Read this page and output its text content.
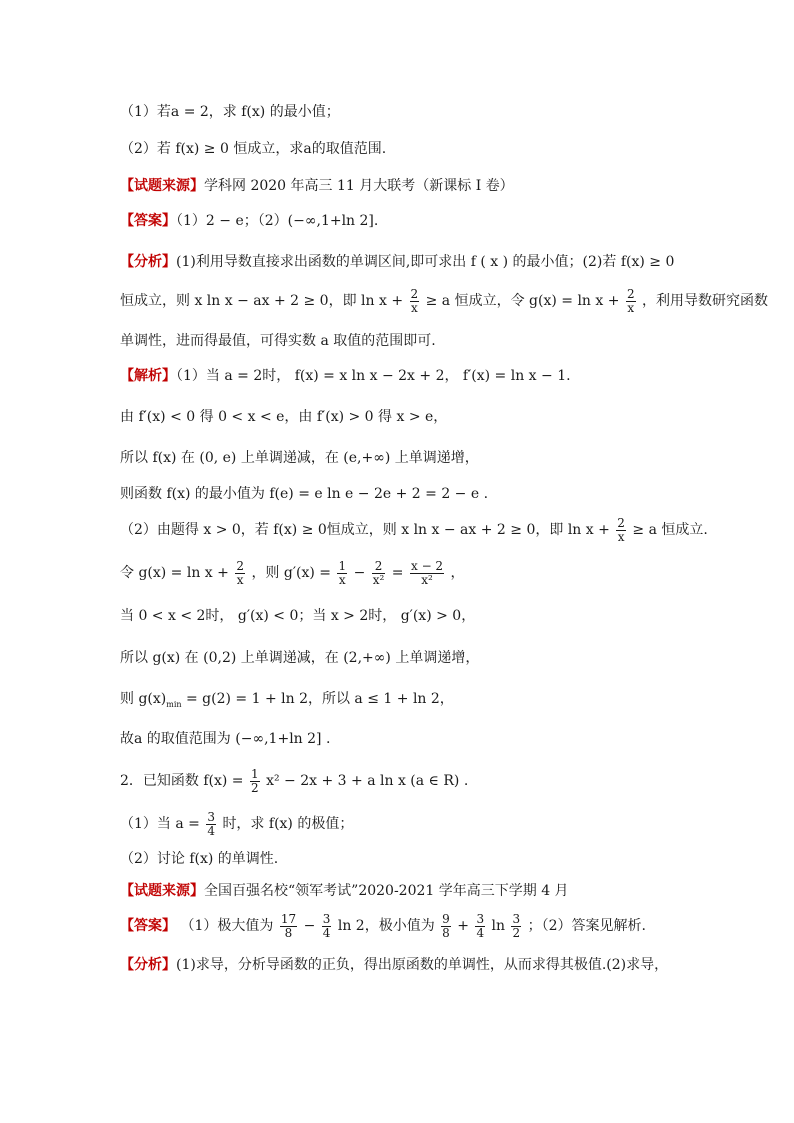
（1）若a = 2，求 f(x) 的最小值；
（2）若 f(x) ≥ 0 恒成立，求a的取值范围.
【试题来源】学科网 2020 年高三 11 月大联考（新课标 I 卷）
【答案】（1）2 − e；（2）(−∞,1+ln 2].
【分析】(1)利用导数直接求出函数的单调区间,即可求出 f ( x ) 的最小值；(2)若 f(x) ≥ 0
恒成立，则 x ln x − ax + 2 ≥ 0，即 $\ln x + \frac{2}{x} \ge a$ 恒成立，令 $g(x) = \ln x + \frac{2}{x}$ ，利用导数研究函数
单调性，进而得最值，可得实数 a 取值的范围即可.
【解析】（1）当 a = 2时， f(x) = x ln x − 2x + 2， f′(x) = ln x − 1.
由 f′(x) < 0 得 0 < x < e，由 f′(x) > 0 得 x > e，
所以 f(x) 在 (0, e) 上单调递减，在 (e,+∞) 上单调递增，
则函数 f(x) 的最小值为 f(e) = e ln e − 2e + 2 = 2 − e .
（2）由题得 x > 0，若 f(x) ≥ 0恒成立，则 x ln x − ax + 2 ≥ 0，即 $\ln x + \frac{2}{x} \ge a$ 恒成立.
令 $g(x) = \ln x + \frac{2}{x}$ ，则 $g'(x) = \frac{1}{x} - \frac{2}{\text{x²}} = \frac{x - 2}{\text{x²}}$ ，
当 0 < x < 2时， g′(x) < 0；当 x > 2时， g′(x) > 0，
所以 g(x) 在 (0,2) 上单调递减，在 (2,+∞) 上单调递增，
则 $g(x)_{min} = g(2) = 1 + \ln 2$，所以 a ≤ 1 + ln 2，
故a 的取值范围为 (−∞,1+ln 2] .
2．已知函数 $f(x) = \frac{1}{2} x^2 - 2x + 3 + a$ ln x (a ∈ R) .
（1）当 $a = \frac{3}{4}$ 时，求 f(x) 的极值；
（2）讨论 f(x) 的单调性.
【试题来源】全国百强名校“领军考试”2020-2021 学年高三下学期 4 月
【答案】 （1）极大值为 $\frac{17}{8} - \frac{3}{4}$ ln 2，极小值为 $\frac{9}{8} + \frac{3}{4}$ $\ln \frac{3}{2}$ ；（2）答案见解析.
【分析】(1)求导，分析导函数的正负，得出原函数的单调性，从而求得其极值.(2)求导，
